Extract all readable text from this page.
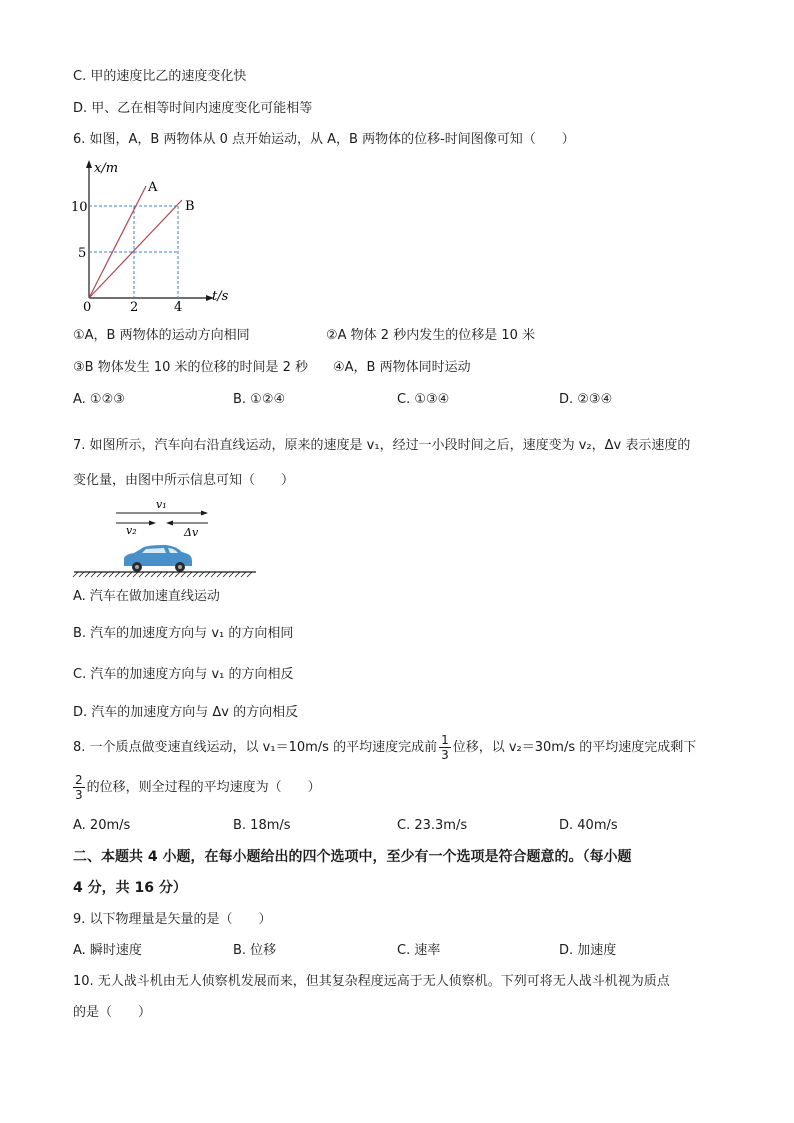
C. 甲的速度比乙的速度变化快
D. 甲、乙在相等时间内速度变化可能相等
6. 如图，A，B 两物体从 0 点开始运动，从 A，B 两物体的位移-时间图像可知（　　）
x/m
t/s
0	2	4
5
10
A
B
①A，B 两物体的运动方向相同	②A 物体 2 秒内发生的位移是 10 米
③B 物体发生 10 米的位移的时间是 2 秒 ④A，B 两物体同时运动
A. ①②③	B. ①②④	C. ①③④	D. ②③④
7. 如图所示，汽车向右沿直线运动，原来的速度是 v₁，经过一小段时间之后，速度变为 v₂，Δv 表示速度的
变化量，由图中所示信息可知（　　）
v₁
v₂	Δv
A. 汽车在做加速直线运动
B. 汽车的加速度方向与 v₁ 的方向相同
C. 汽车的加速度方向与 v₁ 的方向相反
D. 汽车的加速度方向与 Δv 的方向相反
8. 一个质点做变速直线运动，以 v₁＝10m/s 的平均速度完成前 $\frac{1}{3}$ 位移，以 v₂＝30m/s 的平均速度完成剩下
$\frac{2}{3}$ 的位移，则全过程的平均速度为（　　）
A. 20m/s	B. 18m/s	C. 23.3m/s	D. 40m/s
二、本题共 4 小题，在每小题给出的四个选项中，至少有一个选项是符合题意的。（每小题
4 分，共 16 分）
9. 以下物理量是矢量的是（　　）
A. 瞬时速度	B. 位移	C. 速率	D. 加速度
10. 无人战斗机由无人侦察机发展而来，但其复杂程度远高于无人侦察机。下列可将无人战斗机视为质点
的是（　　）
